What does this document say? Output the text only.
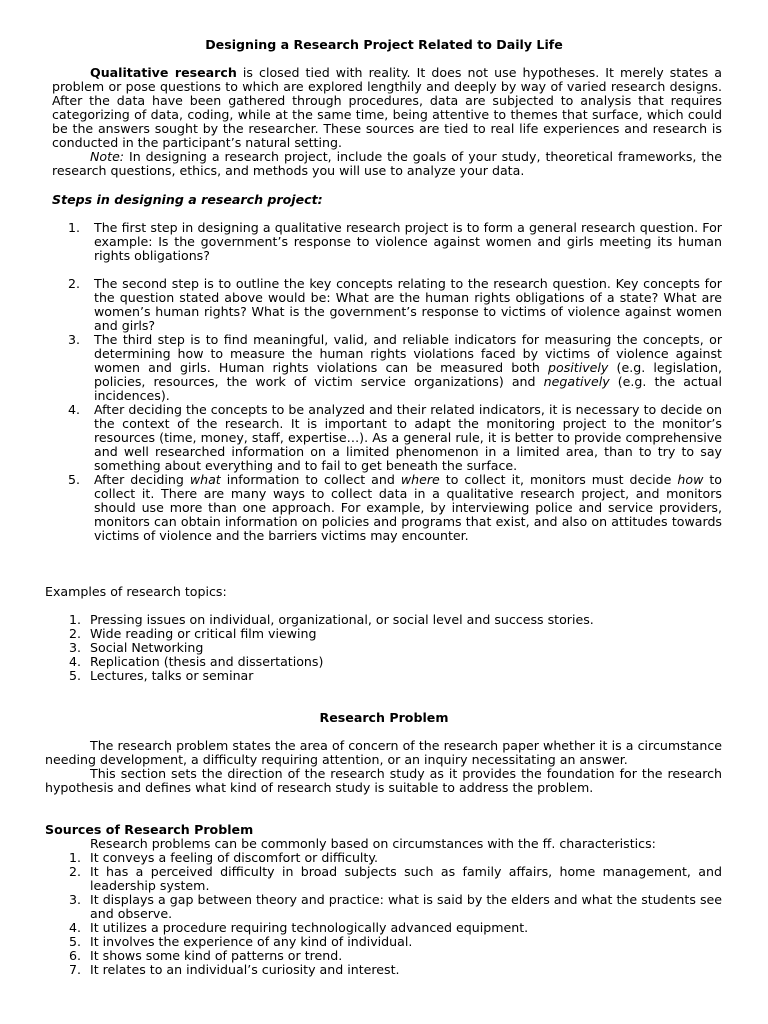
Designing a Research Project Related to Daily Life

Qualitative research is closed tied with reality. It does not use hypotheses. It merely states a problem or pose questions to which are explored lengthily and deeply by way of varied research designs. After the data have been gathered through procedures, data are subjected to analysis that requires categorizing of data, coding, while at the same time, being attentive to themes that surface, which could be the answers sought by the researcher. These sources are tied to real life experiences and research is conducted in the participant’s natural setting.

Note: In designing a research project, include the goals of your study, theoretical frameworks, the research questions, ethics, and methods you will use to analyze your data.

Steps in designing a research project:
1. The first step in designing a qualitative research project is to form a general research question. For example: Is the government’s response to violence against women and girls meeting its human rights obligations?
2. The second step is to outline the key concepts relating to the research question. Key concepts for the question stated above would be: What are the human rights obligations of a state? What are women’s human rights? What is the government’s response to victims of violence against women and girls?
3. The third step is to find meaningful, valid, and reliable indicators for measuring the concepts, or determining how to measure the human rights violations faced by victims of violence against women and girls. Human rights violations can be measured both positively (e.g. legislation, policies, resources, the work of victim service organizations) and negatively (e.g. the actual incidences).
4. After deciding the concepts to be analyzed and their related indicators, it is necessary to decide on the context of the research. It is important to adapt the monitoring project to the monitor’s resources (time, money, staff, expertise…). As a general rule, it is better to provide comprehensive and well researched information on a limited phenomenon in a limited area, than to try to say something about everything and to fail to get beneath the surface.
5. After deciding what information to collect and where to collect it, monitors must decide how to collect it. There are many ways to collect data in a qualitative research project, and monitors should use more than one approach. For example, by interviewing police and service providers, monitors can obtain information on policies and programs that exist, and also on attitudes towards victims of violence and the barriers victims may encounter.
Examples of research topics:
1. Pressing issues on individual, organizational, or social level and success stories.
2. Wide reading or critical film viewing
3. Social Networking
4. Replication (thesis and dissertations)
5. Lectures, talks or seminar
Research Problem

The research problem states the area of concern of the research paper whether it is a circumstance needing development, a difficulty requiring attention, or an inquiry necessitating an answer.

This section sets the direction of the research study as it provides the foundation for the research hypothesis and defines what kind of research study is suitable to address the problem.

Sources of Research Problem
Research problems can be commonly based on circumstances with the ff. characteristics:
1. It conveys a feeling of discomfort or difficulty.
2. It has a perceived difficulty in broad subjects such as family affairs, home management, and leadership system.
3. It displays a gap between theory and practice: what is said by the elders and what the students see and observe.
4. It utilizes a procedure requiring technologically advanced equipment.
5. It involves the experience of any kind of individual.
6. It shows some kind of patterns or trend.
7. It relates to an individual’s curiosity and interest.
